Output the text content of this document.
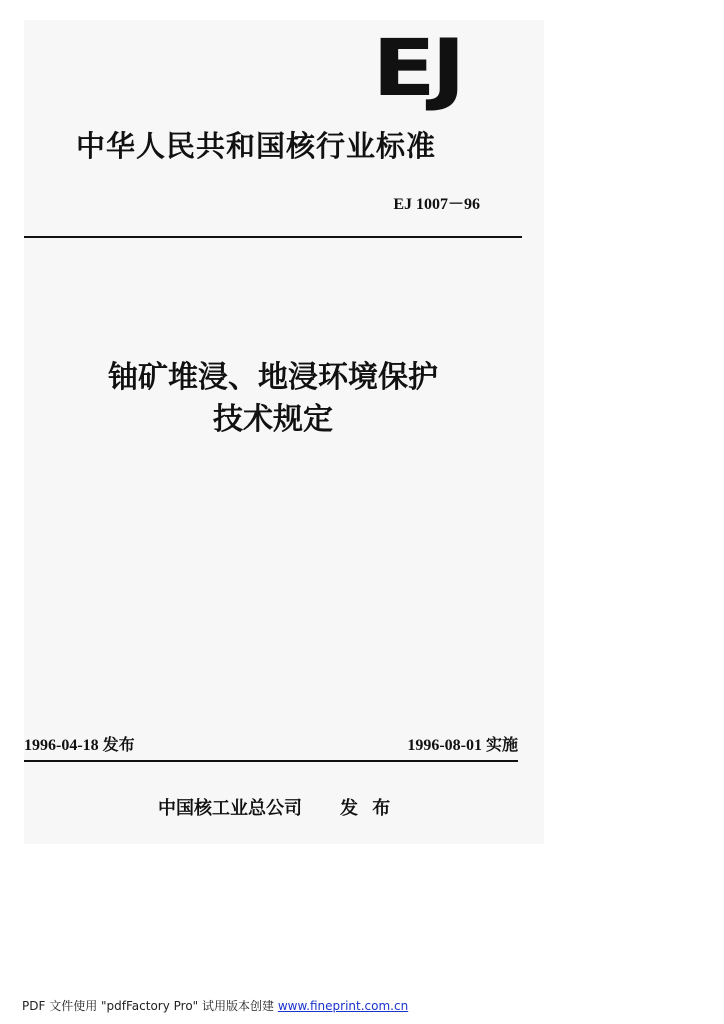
EJ
中华人民共和国核行业标准
EJ 1007－96
铀矿堆浸、地浸环境保护
技术规定
1996-04-18 发布	1996-08-01 实施
中国核工业总公司 发 布
PDF 文件使用 "pdfFactory Pro" 试用版本创建 www.fineprint.com.cn
